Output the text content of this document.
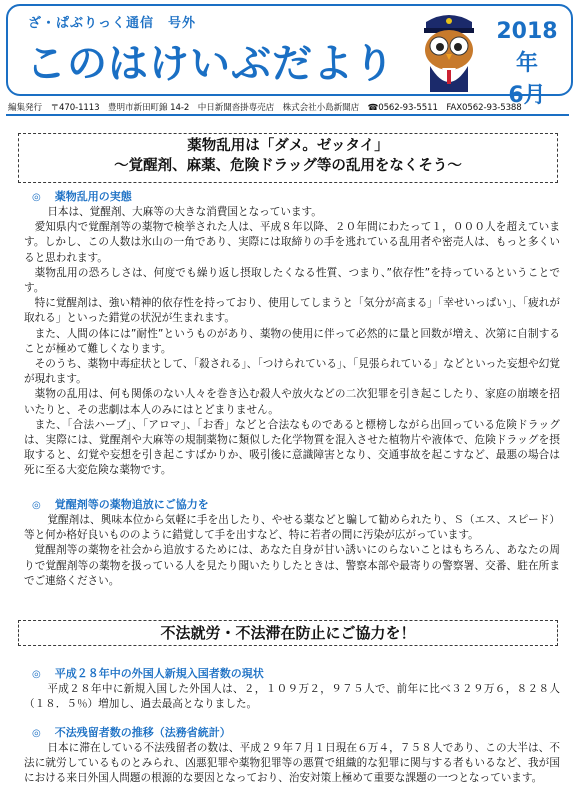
ざ・ぱぶりっく通信　号外
このはけいぶだより
2018年
6月
編集発行　〒470-1113　豊明市新田町錦 14-2　中日新聞沓掛専売店　株式会社小島新聞店　☎0562-93-5511　FAX0562-93-5388
薬物乱用は「ダメ。ゼッタイ」
～覚醒剤、麻薬、危険ドラッグ等の乱用をなくそう～
◎ 薬物乱用の実態

日本は、覚醒剤、大麻等の大きな消費国となっています。

愛知県内で覚醒剤等の薬物で検挙された人は、平成８年以降、２０年間にわたって１，０００人を超えています。しかし、この人数は氷山の一角であり、実際には取締りの手を逃れている乱用者や密売人は、もっと多くいると思われます。

薬物乱用の恐ろしさは、何度でも繰り返し摂取したくなる性質、つまり、”依存性”を持っているということです。

特に覚醒剤は、強い精神的依存性を持っており、使用してしまうと「気分が高まる」「幸せいっぱい」、「疲れが取れる」といった錯覚の状況が生まれます。

また、人間の体には”耐性”というものがあり、薬物の使用に伴って必然的に量と回数が増え、次第に自制することが極めて難しくなります。

そのうち、薬物中毒症状として、「殺される」、「つけられている」、「見張られている」などといった妄想や幻覚が現れます。

薬物の乱用は、何も関係のない人々を巻き込む殺人や放火などの二次犯罪を引き起こしたり、家庭の崩壊を招いたりと、その悲劇は本人のみにはとどまりません。

また、「合法ハーブ」、「アロマ」、「お香」などと合法なものであると標榜しながら出回っている危険ドラッグは、実際には、覚醒剤や大麻等の規制薬物に類似した化学物質を混入させた植物片や液体で、危険ドラッグを摂取すると、幻覚や妄想を引き起こすばかりか、吸引後に意識障害となり、交通事故を起こすなど、最悪の場合は死に至る大変危険な薬物です。

◎ 覚醒剤等の薬物追放にご協力を

覚醒剤は、興味本位から気軽に手を出したり、やせる薬などと騙して勧められたり、Ｓ（エス、スピード）等と何か格好良いもののように錯覚して手を出すなど、特に若者の間に汚染が広がっています。

覚醒剤等の薬物を社会から追放するためには、あなた自身が甘い誘いにのらないことはもちろん、あなたの周りで覚醒剤等の薬物を扱っている人を見たり聞いたりしたときは、警察本部や最寄りの警察署、交番、駐在所までご連絡ください。

不法就労・不法滞在防止にご協力を！
◎ 平成２８年中の外国人新規入国者数の現状

平成２８年中に新規入国した外国人は、２，１０９万２，９７５人で、前年に比べ３２９万６，８２８人（１８．５％）増加し、過去最高となりました。

◎ 不法残留者数の推移（法務省統計）

日本に滞在している不法残留者の数は、平成２９年７月１日現在６万４，７５８人であり、この大半は、不法に就労しているものとみられ、凶悪犯罪や薬物犯罪等の悪質で組織的な犯罪に関与する者もいるなど、我が国における来日外国人問題の根源的な要因となっており、治安対策上極めて重要な課題の一つとなっています。
